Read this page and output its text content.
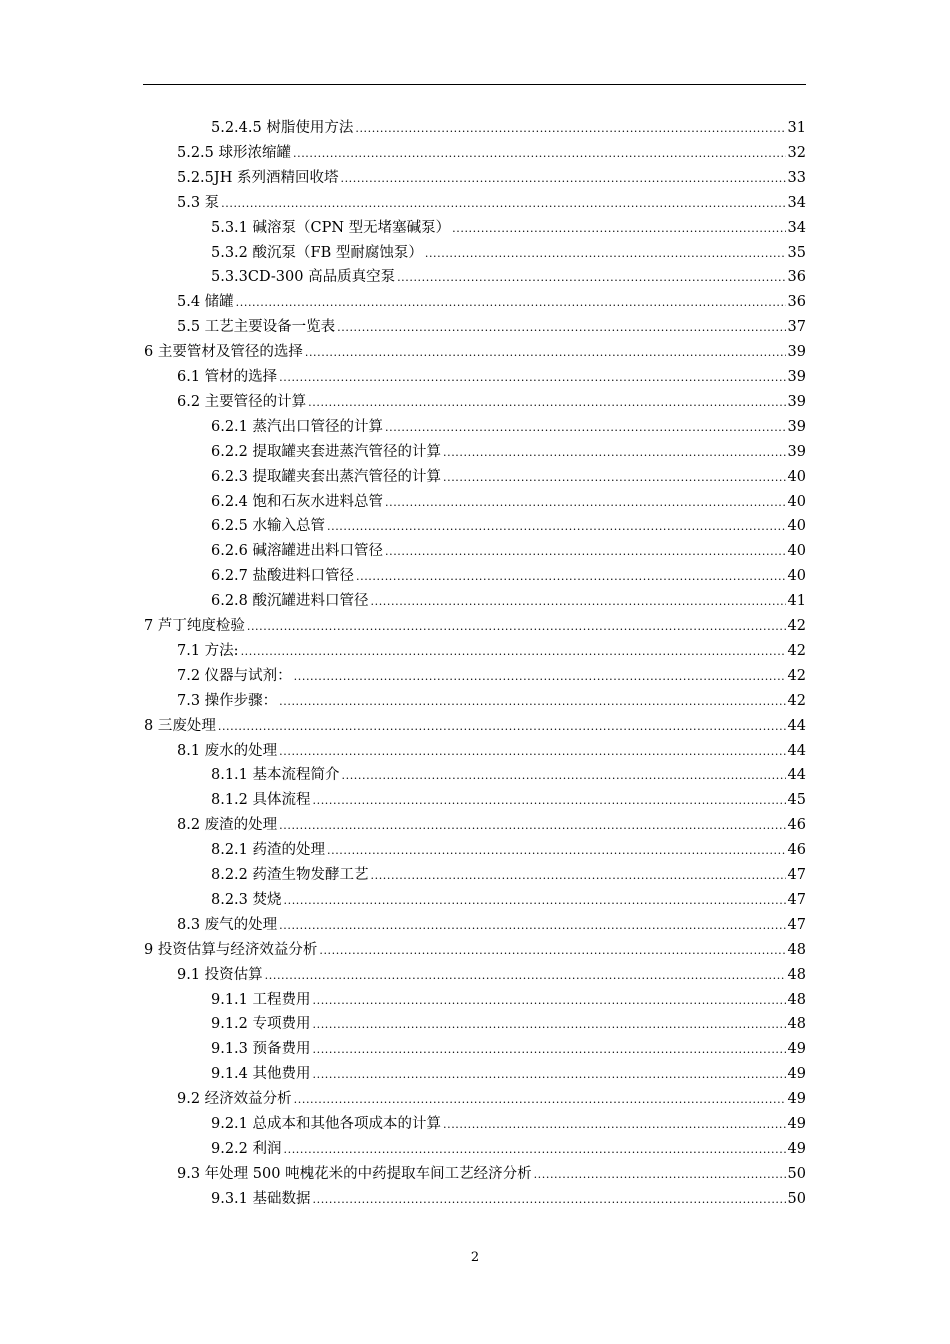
5.2.4.5 树脂使用方法 .....	31
5.2.5 球形浓缩罐 .....	32
5.2.5JH 系列酒精回收塔 .....	33
5.3 泵 .....	34
5.3.1 碱溶泵（CPN 型无堵塞碱泵） .....	34
5.3.2 酸沉泵（FB 型耐腐蚀泵） .....	35
5.3.3CD-300 高品质真空泵 .....	36
5.4 储罐 .....	36
5.5 工艺主要设备一览表 .....	37
6 主要管材及管径的选择 .....	39
6.1 管材的选择 .....	39
6.2 主要管径的计算 .....	39
6.2.1 蒸汽出口管径的计算 .....	39
6.2.2 提取罐夹套进蒸汽管径的计算 .....	39
6.2.3 提取罐夹套出蒸汽管径的计算 .....	40
6.2.4 饱和石灰水进料总管 .....	40
6.2.5 水输入总管 .....	40
6.2.6 碱溶罐进出料口管径 .....	40
6.2.7 盐酸进料口管径 .....	40
6.2.8 酸沉罐进料口管径 .....	41
7 芦丁纯度检验 .....	42
7.1 方法: .....	42
7.2 仪器与试剂： .....	42
7.3 操作步骤： .....	42
8 三废处理 .....	44
8.1 废水的处理 .....	44
8.1.1 基本流程简介 .....	44
8.1.2 具体流程 .....	45
8.2 废渣的处理 .....	46
8.2.1 药渣的处理 .....	46
8.2.2 药渣生物发酵工艺 .....	47
8.2.3 焚烧 .....	47
8.3 废气的处理 .....	47
9 投资估算与经济效益分析 .....	48
9.1 投资估算 .....	48
9.1.1 工程费用 .....	48
9.1.2 专项费用 .....	48
9.1.3 预备费用 .....	49
9.1.4 其他费用 .....	49
9.2 经济效益分析 .....	49
9.2.1 总成本和其他各项成本的计算 .....	49
9.2.2 利润 .....	49
9.3 年处理 500 吨槐花米的中药提取车间工艺经济分析 .....	50
9.3.1 基础数据 .....	50
2
